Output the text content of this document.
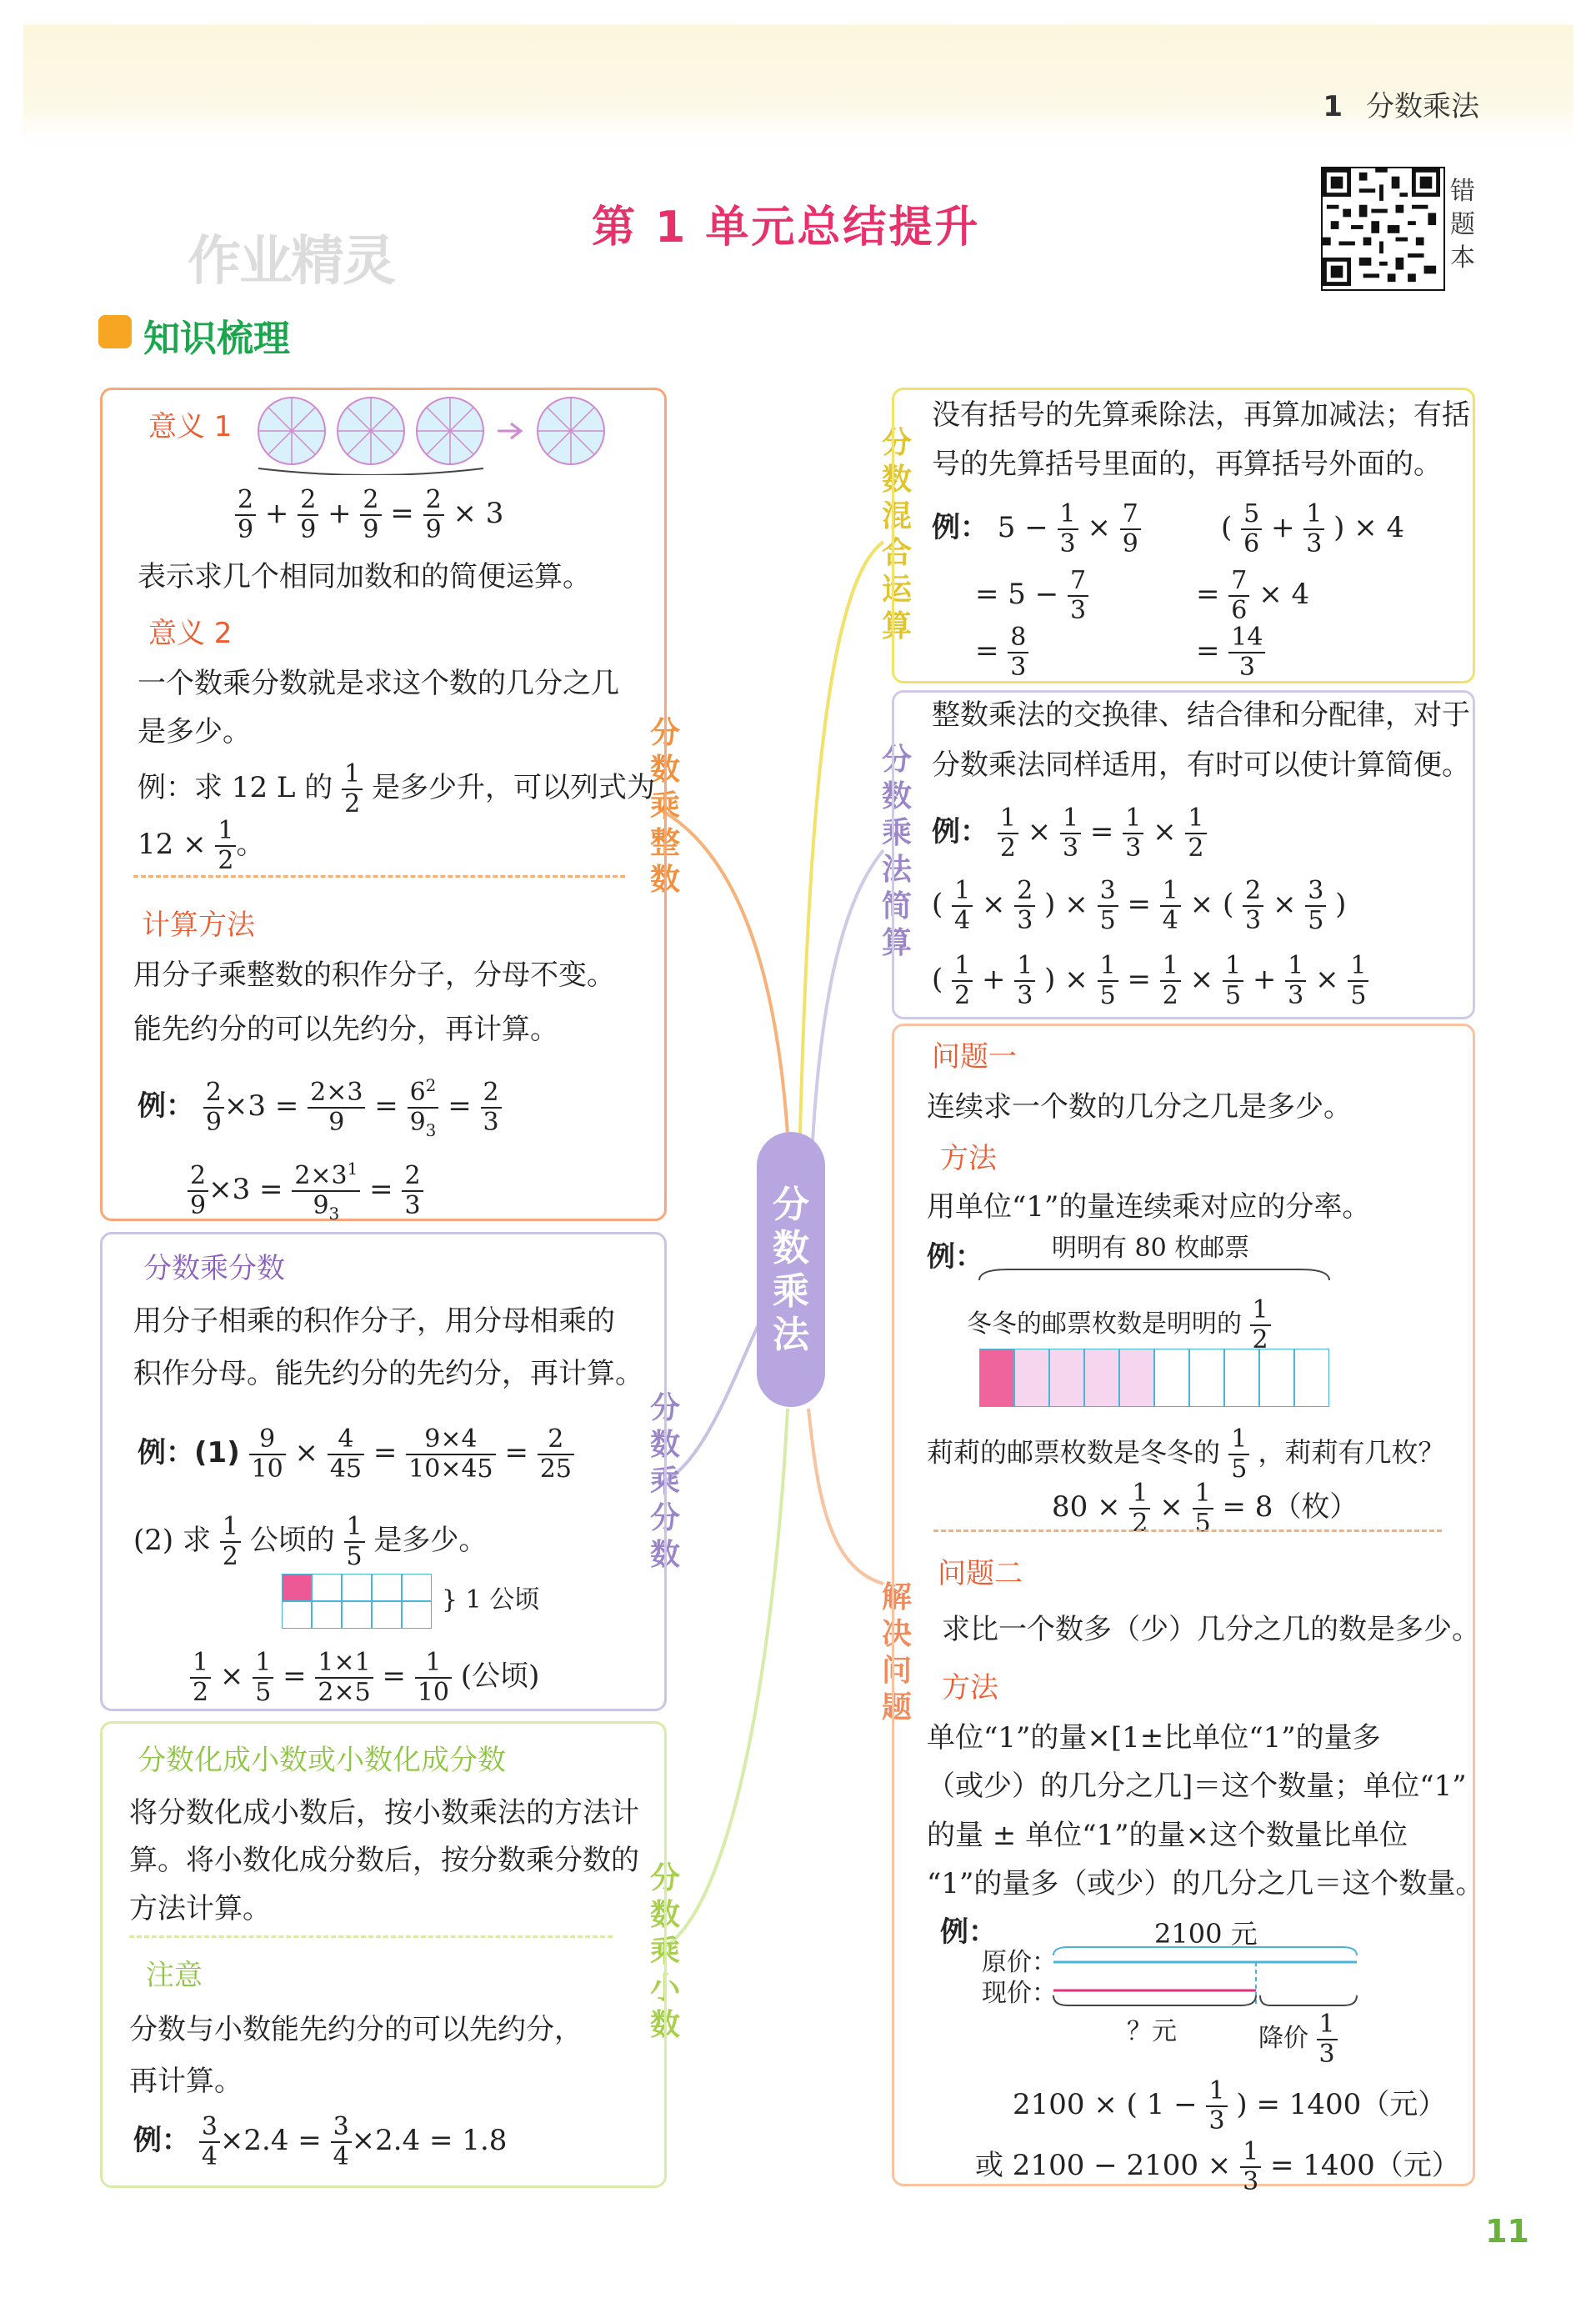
1 分数乘法
作业精灵
第 1 单元总结提升
错题本
知识梳理
分数乘法
分数乘整数
分数乘分数
分数乘小数
分数混合运算
分数乘法简算
解决问题
意义 1
$\frac{2}{9} + \frac{2}{9} + \frac{2}{9} = \frac{2}{9} \times 3$
表示求几个相同加数和的简便运算。
意义 2
一个数乘分数就是求这个数的几分之几
是多少。
例：求 12 L 的 $\frac{1}{2}$ 是多少升，可以列式为
$12 \times \frac{1}{2}$ 。
计算方法
用分子乘整数的积作分子，分母不变。
能先约分的可以先约分，再计算。
例： $\frac{2}{9} \times 3 = \frac{2\times 3}{9} = \frac{6^2}{9_3} = \frac{2}{3}$
$\frac{2}{9} \times 3 = \frac{2\times 3^1}{9_3} = \frac{2}{3}$
分数乘分数
用分子相乘的积作分子，用分母相乘的
积作分母。能先约分的先约分，再计算。
例：$(1) \frac{9}{10} \times \frac{4}{45} = \frac{9\times 4}{10\times 45} = \frac{2}{25}$
(2) 求 $\frac{1}{2}$ 公顷的 $\frac{1}{5}$ 是多少。
} 1 公顷
$\frac{1}{2} \times \frac{1}{5} = \frac{1\times 1}{2\times 5} = \frac{1}{10}$ (公顷)
分数化成小数或小数化成分数
将分数化成小数后，按小数乘法的方法计
算。将小数化成分数后，按分数乘分数的
方法计算。
注意
分数与小数能先约分的可以先约分，
再计算。
例： $\frac{3}{4} \times 2.4 = \frac{3}{4} \times 2.4 = 1.8$
没有括号的先算乘除法，再算加减法；有括
号的先算括号里面的，再算括号外面的。
例： $5 - \frac{1}{3} \times \frac{7}{9}$	( $\frac{5}{6} + \frac{1}{3}$ ) × 4
= $5 - \frac{7}{3}$	= $\frac{7}{6} \times 4$
= $\frac{8}{3}$	= $\frac{14}{3}$
整数乘法的交换律、结合律和分配律，对于
分数乘法同样适用，有时可以使计算简便。
例： $\frac{1}{2} \times \frac{1}{3} = \frac{1}{3} \times \frac{1}{2}$
( $\frac{1}{4} \times \frac{2}{3}$ ) × $\frac{3}{5} = \frac{1}{4}$ × ( $\frac{2}{3} \times \frac{3}{5}$ )
( $\frac{1}{2} + \frac{1}{3}$ ) × $\frac{1}{5} = \frac{1}{2} \times \frac{1}{5} + \frac{1}{3} \times \frac{1}{5}$
问题一
连续求一个数的几分之几是多少。
方法
用单位“1”的量连续乘对应的分率。
例：	明明有 80 枚邮票
冬冬的邮票枚数是明明的 $\frac{1}{2}$
莉莉的邮票枚数是冬冬的 $\frac{1}{5}$ ，莉莉有几枚？
$80 \times \frac{1}{2} \times \frac{1}{5} = 8$（枚）
问题二
求比一个数多（少）几分之几的数是多少。
方法
单位“1”的量×[1±比单位“1”的量多
（或少）的几分之几]＝这个数量；单位“1”
的量 ± 单位“1”的量×这个数量比单位
“1”的量多（或少）的几分之几＝这个数量。
例：	2100 元
原价：
现价：
？元	降价 $\frac{1}{3}$
2100 × ( $1 - \frac{1}{3}$ ) = 1400（元）
或 $2100 - 2100 \times \frac{1}{3} = 1400$（元）
11
